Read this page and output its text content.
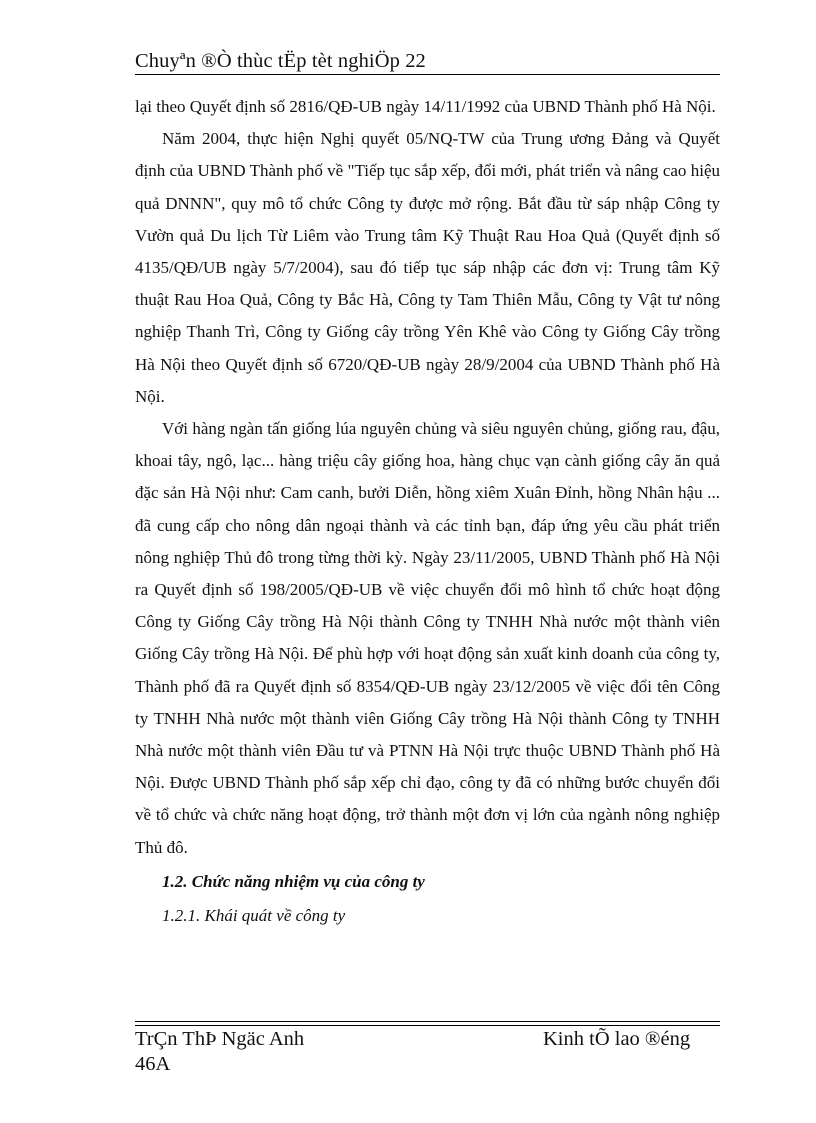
Chuyªn ®Ò thùc tËp tèt nghiÖp 22

lại theo Quyết định số 2816/QĐ-UB ngày 14/11/1992 của UBND Thành phố Hà Nội.

Năm 2004, thực hiện Nghị quyết 05/NQ-TW của Trung ương Đảng và Quyết định của UBND Thành phố về "Tiếp tục sắp xếp, đổi mới, phát triển và nâng cao hiệu quả DNNN", quy mô tổ chức Công ty được mở rộng. Bắt đầu từ sáp nhập Công ty Vườn quả Du lịch Từ Liêm vào Trung tâm Kỹ Thuật Rau Hoa Quả (Quyết định số 4135/QĐ/UB ngày 5/7/2004), sau đó tiếp tục sáp nhập các đơn vị: Trung tâm Kỹ thuật Rau Hoa Quả, Công ty Bắc Hà, Công ty Tam Thiên Mẫu, Công ty Vật tư nông nghiệp Thanh Trì, Công ty Giống cây trồng Yên Khê vào Công ty Giống Cây trồng Hà Nội theo Quyết định số 6720/QĐ-UB ngày 28/9/2004 của UBND Thành phố Hà Nội.

Với hàng ngàn tấn giống lúa nguyên chủng và siêu nguyên chủng, giống rau, đậu, khoai tây, ngô, lạc... hàng triệu cây giống hoa, hàng chục vạn cành giống cây ăn quả đặc sản Hà Nội như: Cam canh, bưởi Diễn, hồng xiêm Xuân Đỉnh, hồng Nhân hậu ... đã cung cấp cho nông dân ngoại thành và các tỉnh bạn, đáp ứng yêu cầu phát triển nông nghiệp Thủ đô trong từng thời kỳ. Ngày 23/11/2005, UBND Thành phố Hà Nội ra Quyết định số 198/2005/QĐ-UB về việc chuyển đổi mô hình tổ chức hoạt động Công ty Giống Cây trồng Hà Nội thành Công ty TNHH Nhà nước một thành viên Giống Cây trồng Hà Nội. Để phù hợp với hoạt động sản xuất kinh doanh của công ty, Thành phố đã ra Quyết định số 8354/QĐ-UB ngày 23/12/2005 về việc đổi tên Công ty TNHH Nhà nước một thành viên Giống Cây trồng Hà Nội thành Công ty TNHH Nhà nước một thành viên Đầu tư và PTNN Hà Nội trực thuộc UBND Thành phố Hà Nội. Được UBND Thành phố sắp xếp chỉ đạo, công ty đã có những bước chuyển đổi về tổ chức và chức năng hoạt động, trở thành một đơn vị lớn của ngành nông nghiệp Thủ đô.

1.2. Chức năng nhiệm vụ của công ty
1.2.1. Khái quát về công ty
TrÇn ThÞ Ngäc Anh
46A
Kinh tÕ lao ®éng
